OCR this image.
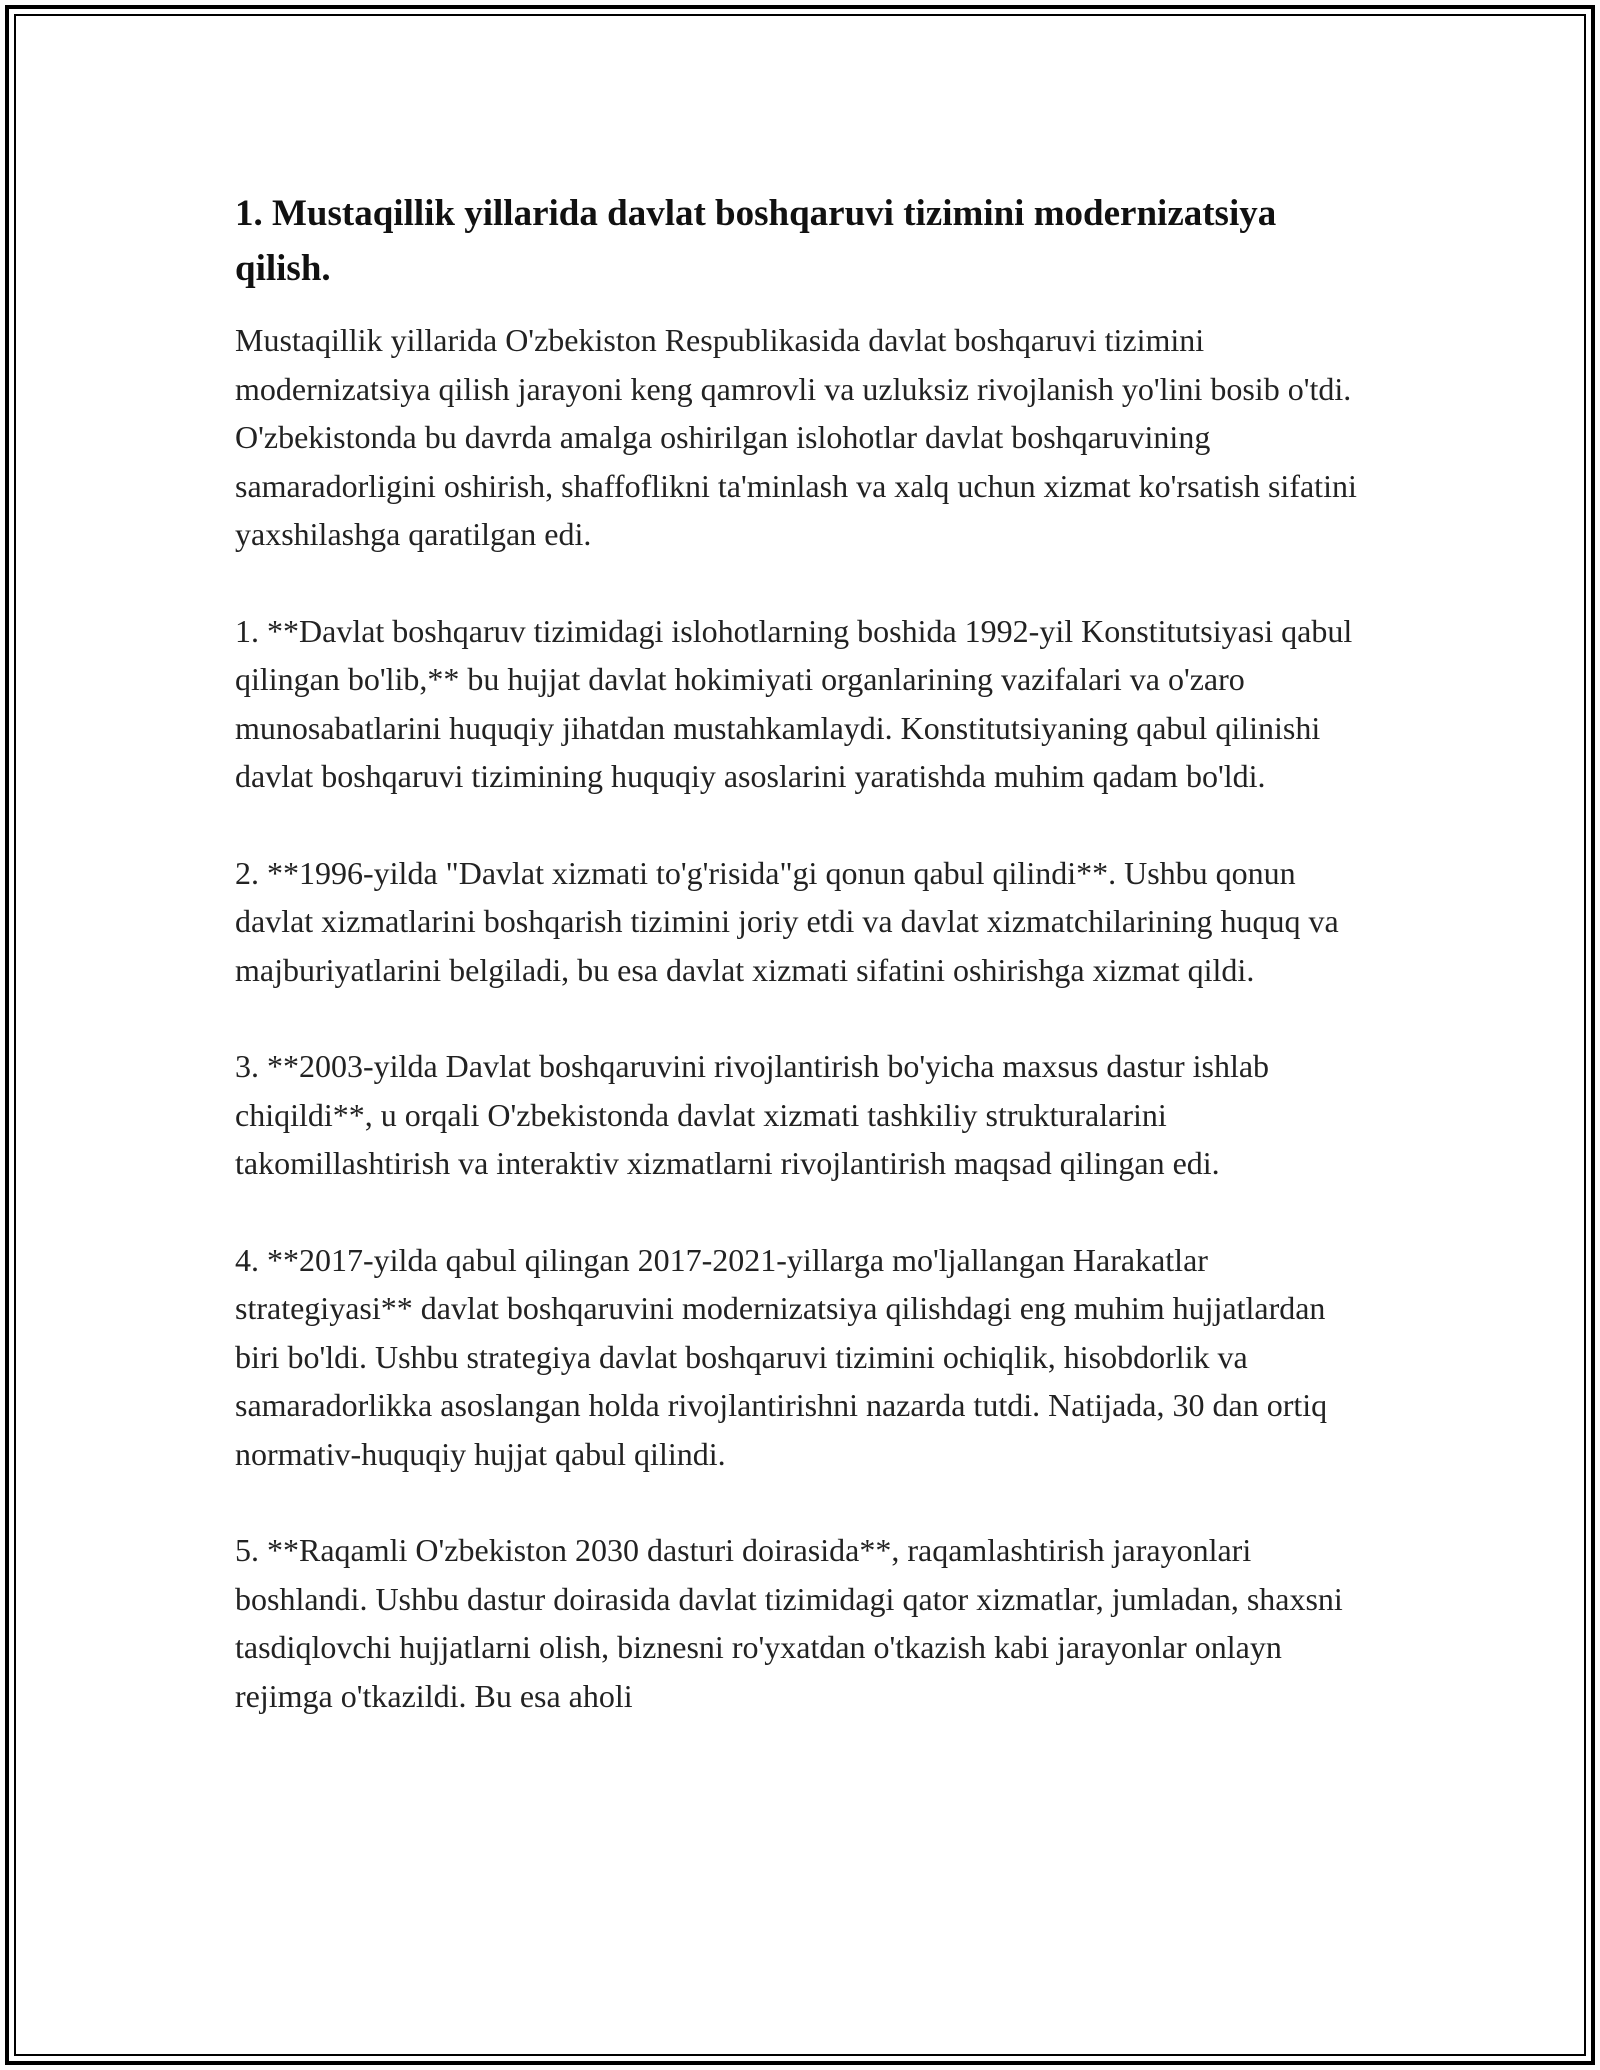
1. Mustaqillik yillarida davlat boshqaruvi tizimini modernizatsiya qilish.

Mustaqillik yillarida O'zbekiston Respublikasida davlat boshqaruvi tizimini modernizatsiya qilish jarayoni keng qamrovli va uzluksiz rivojlanish yo'lini bosib o'tdi. O'zbekistonda bu davrda amalga oshirilgan islohotlar davlat boshqaruvining samaradorligini oshirish, shaffoflikni ta'minlash va xalq uchun xizmat ko'rsatish sifatini yaxshilashga qaratilgan edi.

1. **Davlat boshqaruv tizimidagi islohotlarning boshida 1992-yil Konstitutsiyasi qabul qilingan bo'lib,** bu hujjat davlat hokimiyati organlarining vazifalari va o'zaro munosabatlarini huquqiy jihatdan mustahkamlaydi. Konstitutsiyaning qabul qilinishi davlat boshqaruvi tizimining huquqiy asoslarini yaratishda muhim qadam bo'ldi.

2. **1996-yilda "Davlat xizmati to'g'risida"gi qonun qabul qilindi**. Ushbu qonun davlat xizmatlarini boshqarish tizimini joriy etdi va davlat xizmatchilarining huquq va majburiyatlarini belgiladi, bu esa davlat xizmati sifatini oshirishga xizmat qildi.

3. **2003-yilda Davlat boshqaruvini rivojlantirish bo'yicha maxsus dastur ishlab chiqildi**, u orqali O'zbekistonda davlat xizmati tashkiliy strukturalarini takomillashtirish va interaktiv xizmatlarni rivojlantirish maqsad qilingan edi.

4. **2017-yilda qabul qilingan 2017-2021-yillarga mo'ljallangan Harakatlar strategiyasi** davlat boshqaruvini modernizatsiya qilishdagi eng muhim hujjatlardan biri bo'ldi. Ushbu strategiya davlat boshqaruvi tizimini ochiqlik, hisobdorlik va samaradorlikka asoslangan holda rivojlantirishni nazarda tutdi. Natijada, 30 dan ortiq normativ-huquqiy hujjat qabul qilindi.

5. **Raqamli O'zbekiston 2030 dasturi doirasida**, raqamlashtirish jarayonlari boshlandi. Ushbu dastur doirasida davlat tizimidagi qator xizmatlar, jumladan, shaxsni tasdiqlovchi hujjatlarni olish, biznesni ro'yxatdan o'tkazish kabi jarayonlar onlayn rejimga o'tkazildi. Bu esa aholi
